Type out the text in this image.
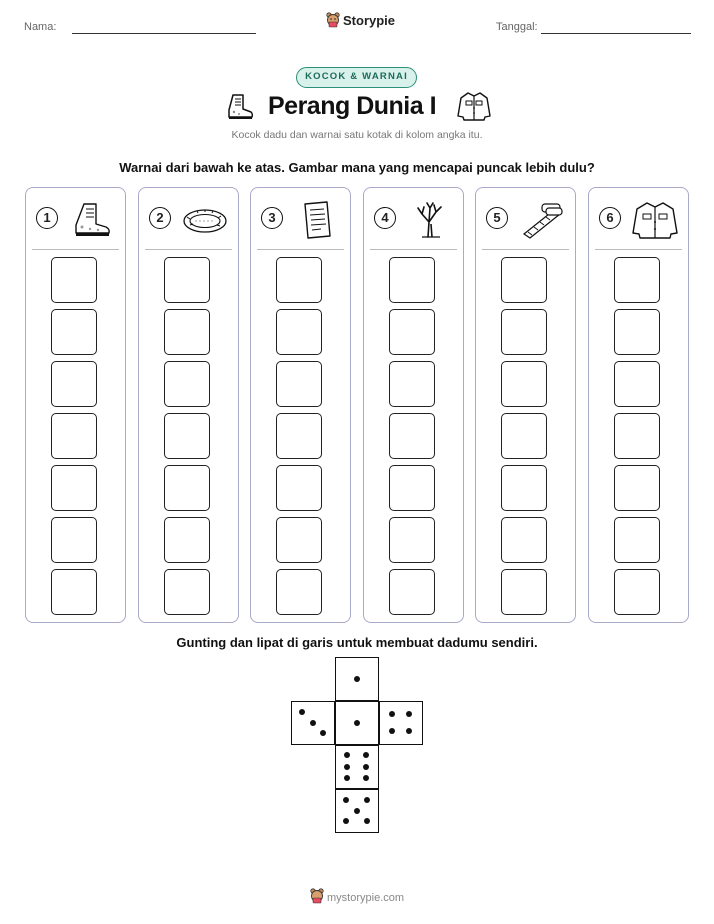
Nama:	Storypie	Tanggal:
KOCOK & WARNAI
Perang Dunia I
Kocok dadu dan warnai satu kotak di kolom angka itu.
Warnai dari bawah ke atas. Gambar mana yang mencapai puncak lebih dulu?
1	2	3	4	5	6
Gunting dan lipat di garis untuk membuat dadumu sendiri.
mystorypie.com
